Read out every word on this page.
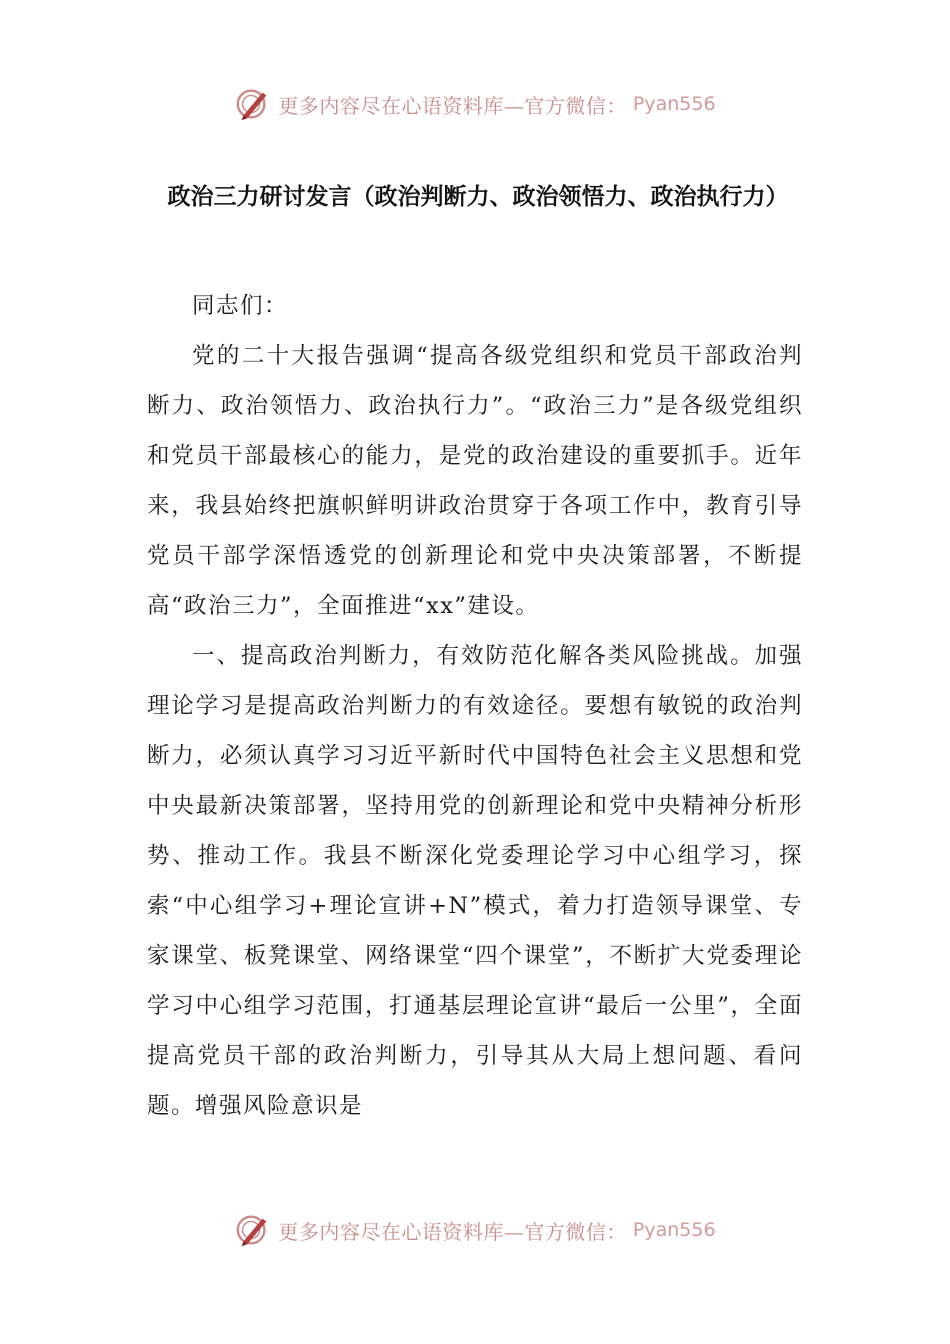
更多内容尽在心语资料库—官方微信： Pyan556
政治三力研讨发言（政治判断力、政治领悟力、政治执行力）

同志们：

党的二十大报告强调“提高各级党组织和党员干部政治判断力、政治领悟力、政治执行力”。“政治三力”是各级党组织和党员干部最核心的能力，是党的政治建设的重要抓手。近年来，我县始终把旗帜鲜明讲政治贯穿于各项工作中，教育引导党员干部学深悟透党的创新理论和党中央决策部署，不断提高“政治三力”，全面推进“xx”建设。

一、提高政治判断力，有效防范化解各类风险挑战。加强理论学习是提高政治判断力的有效途径。要想有敏锐的政治判断力，必须认真学习习近平新时代中国特色社会主义思想和党中央最新决策部署，坚持用党的创新理论和党中央精神分析形势、推动工作。我县不断深化党委理论学习中心组学习，探索“中心组学习+理论宣讲+N”模式，着力打造领导课堂、专家课堂、板凳课堂、网络课堂“四个课堂”，不断扩大党委理论学习中心组学习范围，打通基层理论宣讲“最后一公里”，全面提高党员干部的政治判断力，引导其从大局上想问题、看问题。增强风险意识是

更多内容尽在心语资料库—官方微信： Pyan556
